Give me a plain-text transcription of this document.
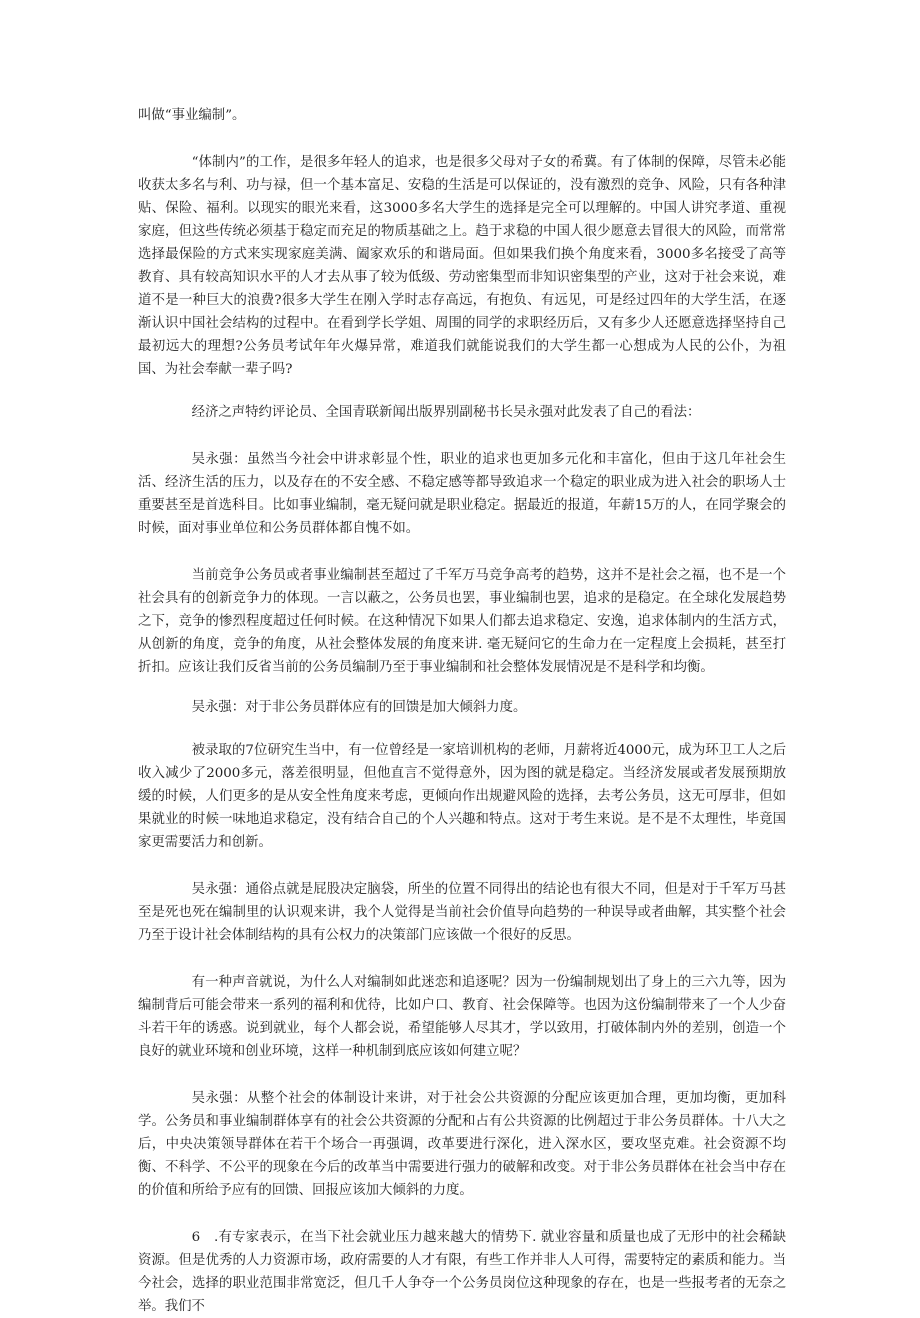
叫做“事业编制”。

“体制内”的工作，是很多年轻人的追求，也是很多父母对子女的希冀。有了体制的保障，尽管未必能收获太多名与利、功与禄，但一个基本富足、安稳的生活是可以保证的，没有激烈的竞争、风险，只有各种津贴、保险、福利。以现实的眼光来看，这3000多名大学生的选择是完全可以理解的。中国人讲究孝道、重视家庭，但这些传统必须基于稳定而充足的物质基础之上。趋于求稳的中国人很少愿意去冒很大的风险，而常常选择最保险的方式来实现家庭美满、阖家欢乐的和谐局面。但如果我们换个角度来看，3000多名接受了高等教育、具有较高知识水平的人才去从事了较为低级、劳动密集型而非知识密集型的产业，这对于社会来说，难道不是一种巨大的浪费?很多大学生在刚入学时志存高远，有抱负、有远见，可是经过四年的大学生活，在逐渐认识中国社会结构的过程中。在看到学长学姐、周围的同学的求职经历后，又有多少人还愿意选择坚持自己最初远大的理想?公务员考试年年火爆异常，难道我们就能说我们的大学生都一心想成为人民的公仆，为祖国、为社会奉献一辈子吗?

经济之声特约评论员、全国青联新闻出版界别副秘书长吴永强对此发表了自己的看法：

吴永强：虽然当今社会中讲求彰显个性，职业的追求也更加多元化和丰富化，但由于这几年社会生活、经济生活的压力，以及存在的不安全感、不稳定感等都导致追求一个稳定的职业成为进入社会的职场人士重要甚至是首选科目。比如事业编制，毫无疑问就是职业稳定。据最近的报道，年薪15万的人，在同学聚会的时候，面对事业单位和公务员群体都自愧不如。

当前竞争公务员或者事业编制甚至超过了千军万马竞争高考的趋势，这并不是社会之福，也不是一个社会具有的创新竞争力的体现。一言以蔽之，公务员也罢，事业编制也罢，追求的是稳定。在全球化发展趋势之下，竞争的惨烈程度超过任何时候。在这种情况下如果人们都去追求稳定、安逸，追求体制内的生活方式，从创新的角度，竞争的角度，从社会整体发展的角度来讲. 毫无疑问它的生命力在一定程度上会损耗，甚至打折扣。应该让我们反省当前的公务员编制乃至于事业编制和社会整体发展情况是不是科学和均衡。

吴永强：对于非公务员群体应有的回馈是加大倾斜力度。

被录取的7位研究生当中，有一位曾经是一家培训机构的老师，月薪将近4000元，成为环卫工人之后收入减少了2000多元，落差很明显，但他直言不觉得意外，因为图的就是稳定。当经济发展或者发展预期放缓的时候，人们更多的是从安全性角度来考虑，更倾向作出规避风险的选择，去考公务员，这无可厚非，但如果就业的时候一味地追求稳定，没有结合自己的个人兴趣和特点。这对于考生来说。是不是不太理性，毕竟国家更需要活力和创新。

吴永强：通俗点就是屁股决定脑袋，所坐的位置不同得出的结论也有很大不同，但是对于千军万马甚至是死也死在编制里的认识观来讲，我个人觉得是当前社会价值导向趋势的一种误导或者曲解，其实整个社会乃至于设计社会体制结构的具有公权力的决策部门应该做一个很好的反思。

有一种声音就说，为什么人对编制如此迷恋和追逐呢？因为一份编制规划出了身上的三六九等，因为编制背后可能会带来一系列的福利和优待，比如户口、教育、社会保障等。也因为这份编制带来了一个人少奋斗若干年的诱惑。说到就业，每个人都会说，希望能够人尽其才，学以致用，打破体制内外的差别，创造一个良好的就业环境和创业环境，这样一种机制到底应该如何建立呢？

吴永强：从整个社会的体制设计来讲，对于社会公共资源的分配应该更加合理，更加均衡，更加科学。公务员和事业编制群体享有的社会公共资源的分配和占有公共资源的比例超过于非公务员群体。十八大之后，中央决策领导群体在若干个场合一再强调，改革要进行深化，进入深水区，要攻坚克难。社会资源不均衡、不科学、不公平的现象在今后的改革当中需要进行强力的破解和改变。对于非公务员群体在社会当中存在的价值和所给予应有的回馈、回报应该加大倾斜的力度。

6　.有专家表示，在当下社会就业压力越来越大的情势下. 就业容量和质量也成了无形中的社会稀缺资源。但是优秀的人力资源市场，政府需要的人才有限，有些工作并非人人可得，需要特定的素质和能力。当今社会，选择的职业范围非常宽泛，但几千人争夺一个公务员岗位这种现象的存在，也是一些报考者的无奈之举。我们不
